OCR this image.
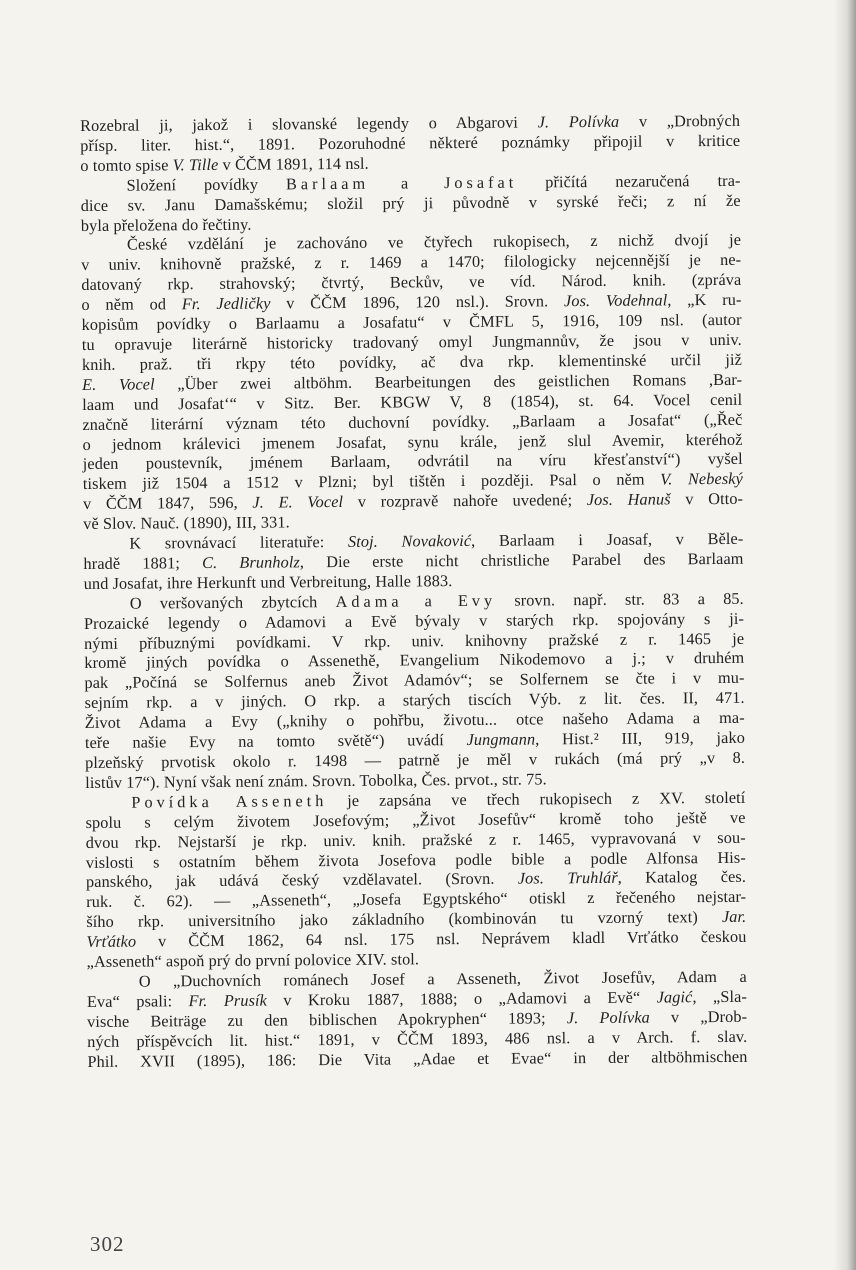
Rozebral ji, jakož i slovanské legendy o Abgarovi J. Polívka v „Drobných
přísp. liter. hist.“, 1891. Pozoruhodné některé poznámky připojil v kritice
o tomto spise V. Tille v ČČM 1891, 114 nsl.
Složení povídky Barlaam a Josafat přičítá nezaručená tra-
dice sv. Janu Damašskému; složil prý ji původně v syrské řeči; z ní že
byla přeložena do řečtiny.
České vzdělání je zachováno ve čtyřech rukopisech, z nichž dvojí je
v univ. knihovně pražské, z r. 1469 a 1470; filologicky nejcennější je ne-
datovaný rkp. strahovský; čtvrtý, Beckův, ve víd. Národ. knih. (zpráva
o něm od Fr. Jedličky v ČČM 1896, 120 nsl.). Srovn. Jos. Vodehnal, „K ru-
kopisům povídky o Barlaamu a Josafatu“ v ČMFL 5, 1916, 109 nsl. (autor
tu opravuje literárně historicky tradovaný omyl Jungmannův, že jsou v univ.
knih. praž. tři rkpy této povídky, ač dva rkp. klementinské určil již
E. Vocel „Über zwei altböhm. Bearbeitungen des geistlichen Romans ,Bar-
laam und Josafat‘“ v Sitz. Ber. KBGW V, 8 (1854), st. 64. Vocel cenil
značně literární význam této duchovní povídky. „Barlaam a Josafat“ („Řeč
o jednom králevici jmenem Josafat, synu krále, jenž slul Avemir, kteréhož
jeden poustevník, jménem Barlaam, odvrátil na víru křesťanství“) vyšel
tiskem již 1504 a 1512 v Plzni; byl tištěn i později. Psal o něm V. Nebeský
v ČČM 1847, 596, J. E. Vocel v rozpravě nahoře uvedené; Jos. Hanuš v Otto-
vě Slov. Nauč. (1890), III, 331.
K srovnávací literatuře: Stoj. Novaković, Barlaam i Joasaf, v Běle-
hradě 1881; C. Brunholz, Die erste nicht christliche Parabel des Barlaam
und Josafat, ihre Herkunft und Verbreitung, Halle 1883.
O veršovaných zbytcích Adama a Evy srovn. např. str. 83 a 85.
Prozaické legendy o Adamovi a Evě bývaly v starých rkp. spojovány s ji-
nými příbuznými povídkami. V rkp. univ. knihovny pražské z r. 1465 je
kromě jiných povídka o Assenethě, Evangelium Nikodemovo a j.; v druhém
pak „Počíná se Solfernus aneb Život Adamóv“; se Solfernem se čte i v mu-
sejním rkp. a v jiných. O rkp. a starých tiscích Výb. z lit. čes. II, 471.
Život Adama a Evy („knihy o pohřbu, životu... otce našeho Adama a ma-
teře našie Evy na tomto světě“) uvádí Jungmann, Hist.² III, 919, jako
plzeňský prvotisk okolo r. 1498 — patrně je měl v rukách (má prý „v 8.
listův 17“). Nyní však není znám. Srovn. Tobolka, Čes. prvot., str. 75.
Povídka Asseneth je zapsána ve třech rukopisech z XV. století
spolu s celým životem Josefovým; „Život Josefův“ kromě toho ještě ve
dvou rkp. Nejstarší je rkp. univ. knih. pražské z r. 1465, vypravovaná v sou-
vislosti s ostatním během života Josefova podle bible a podle Alfonsa His-
panského, jak udává český vzdělavatel. (Srovn. Jos. Truhlář, Katalog čes.
ruk. č. 62). — „Asseneth“, „Josefa Egyptského“ otiskl z řečeného nejstar-
šího rkp. universitního jako základního (kombinován tu vzorný text) Jar.
Vrťátko v ČČM 1862, 64 nsl. 175 nsl. Neprávem kladl Vrťátko českou
„Asseneth“ aspoň prý do první polovice XIV. stol.
O „Duchovních románech Josef a Asseneth, Život Josefův, Adam a
Eva“ psali: Fr. Prusík v Kroku 1887, 1888; o „Adamovi a Evě“ Jagić, „Sla-
vische Beiträge zu den biblischen Apokryphen“ 1893; J. Polívka v „Drob-
ných příspěvcích lit. hist.“ 1891, v ČČM 1893, 486 nsl. a v Arch. f. slav.
Phil. XVII (1895), 186: Die Vita „Adae et Evae“ in der altböhmischen
302
